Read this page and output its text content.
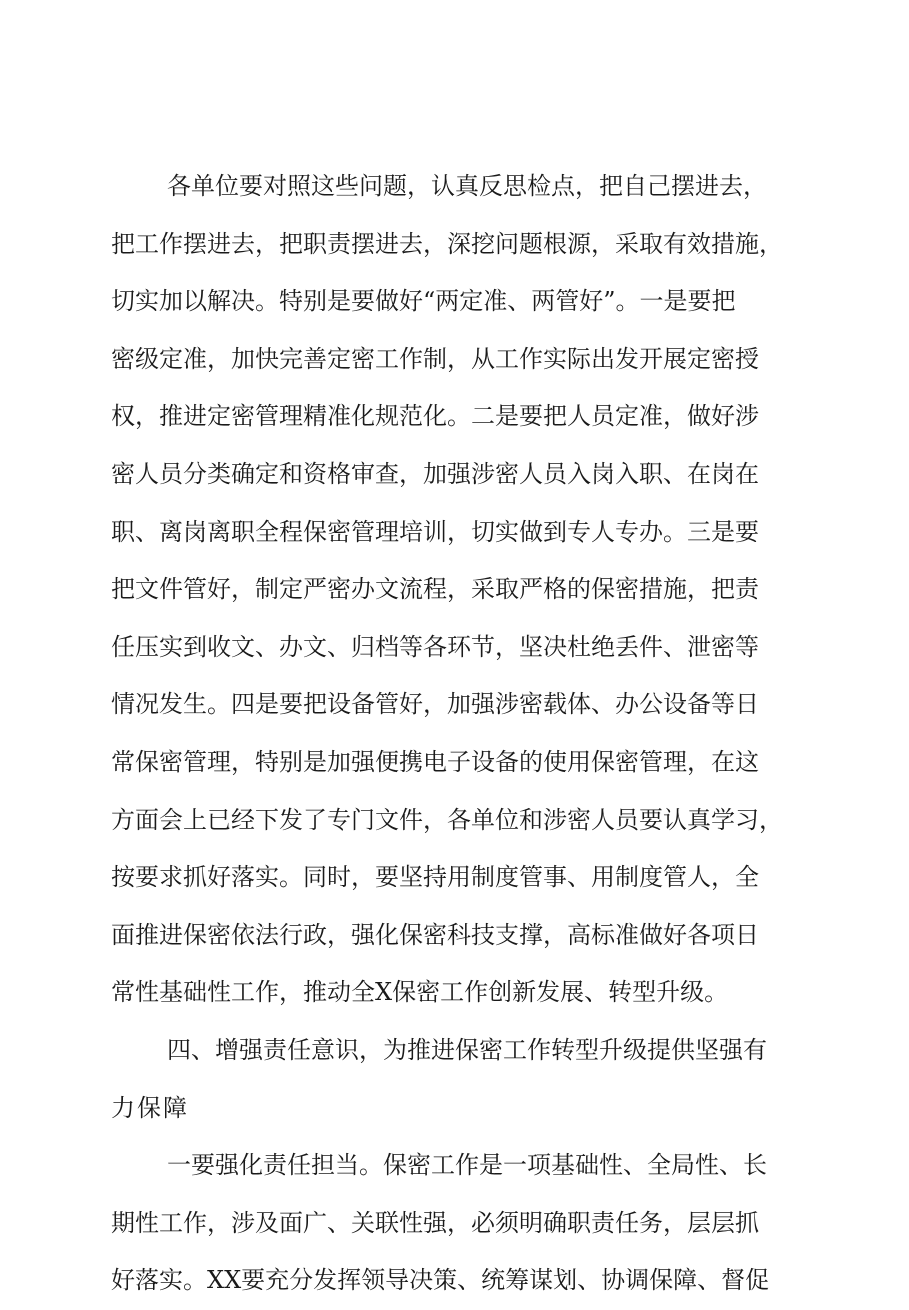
各单位要对照这些问题，认真反思检点，把自己摆进去，
把工作摆进去，把职责摆进去，深挖问题根源，采取有效措施，
切实加以解决。特别是要做好“两定准、两管好”。一是要把
密级定准，加快完善定密工作制，从工作实际出发开展定密授
权，推进定密管理精准化规范化。二是要把人员定准，做好涉
密人员分类确定和资格审查，加强涉密人员入岗入职、在岗在
职、离岗离职全程保密管理培训，切实做到专人专办。三是要
把文件管好，制定严密办文流程，采取严格的保密措施，把责
任压实到收文、办文、归档等各环节，坚决杜绝丢件、泄密等
情况发生。四是要把设备管好，加强涉密载体、办公设备等日
常保密管理，特别是加强便携电子设备的使用保密管理，在这
方面会上已经下发了专门文件，各单位和涉密人员要认真学习，
按要求抓好落实。同时，要坚持用制度管事、用制度管人，全
面推进保密依法行政，强化保密科技支撑，高标准做好各项日
常性基础性工作，推动全X保密工作创新发展、转型升级。
四、增强责任意识，为推进保密工作转型升级提供坚强有
力保障
一要强化责任担当。保密工作是一项基础性、全局性、长
期性工作，涉及面广、关联性强，必须明确职责任务，层层抓
好落实。XX要充分发挥领导决策、统筹谋划、协调保障、督促
